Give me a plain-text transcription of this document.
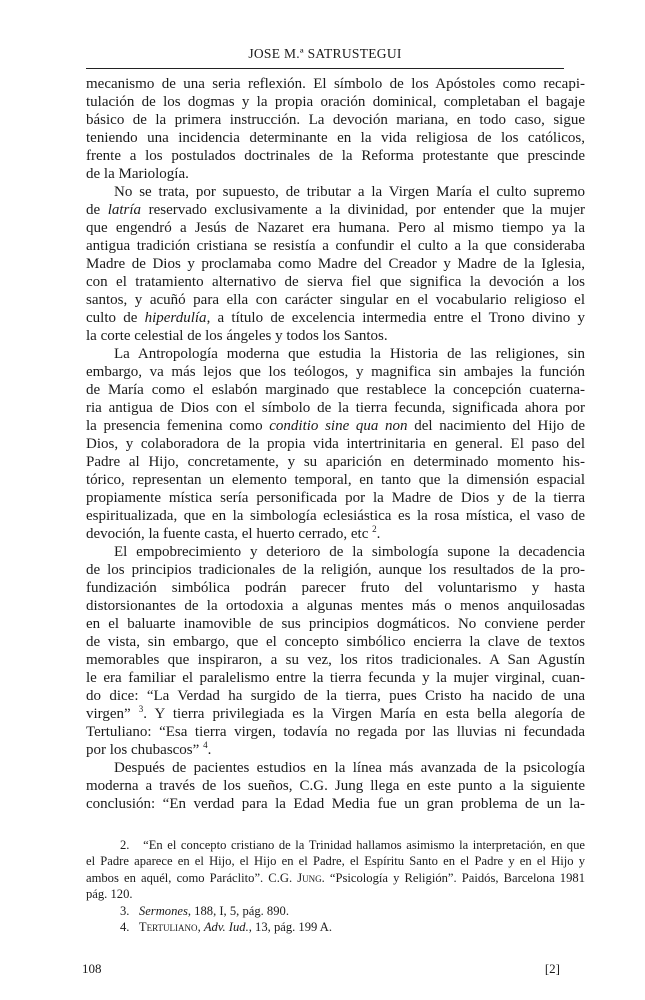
JOSE M.ª SATRUSTEGUI
mecanismo de una seria reflexión. El símbolo de los Apóstoles como recapi-
tulación de los dogmas y la propia oración dominical, completaban el bagaje
básico de la primera instrucción. La devoción mariana, en todo caso, sigue
teniendo una incidencia determinante en la vida religiosa de los católicos,
frente a los postulados doctrinales de la Reforma protestante que prescinde
de la Mariología.
No se trata, por supuesto, de tributar a la Virgen María el culto supremo
de latría reservado exclusivamente a la divinidad, por entender que la mujer
que engendró a Jesús de Nazaret era humana. Pero al mismo tiempo ya la
antigua tradición cristiana se resistía a confundir el culto a la que consideraba
Madre de Dios y proclamaba como Madre del Creador y Madre de la Iglesia,
con el tratamiento alternativo de sierva fiel que significa la devoción a los
santos, y acuñó para ella con carácter singular en el vocabulario religioso el
culto de hiperdulía, a título de excelencia intermedia entre el Trono divino y
la corte celestial de los ángeles y todos los Santos.
La Antropología moderna que estudia la Historia de las religiones, sin
embargo, va más lejos que los teólogos, y magnifica sin ambajes la función
de María como el eslabón marginado que restablece la concepción cuaterna-
ria antigua de Dios con el símbolo de la tierra fecunda, significada ahora por
la presencia femenina como conditio sine qua non del nacimiento del Hijo de
Dios, y colaboradora de la propia vida intertrinitaria en general. El paso del
Padre al Hijo, concretamente, y su aparición en determinado momento his-
tórico, representan un elemento temporal, en tanto que la dimensión espacial
propiamente mística sería personificada por la Madre de Dios y de la tierra
espiritualizada, que en la simbología eclesiástica es la rosa mística, el vaso de
devoción, la fuente casta, el huerto cerrado, etc $^2$.
El empobrecimiento y deterioro de la simbología supone la decadencia
de los principios tradicionales de la religión, aunque los resultados de la pro-
fundización simbólica podrán parecer fruto del voluntarismo y hasta
distorsionantes de la ortodoxia a algunas mentes más o menos anquilosadas
en el baluarte inamovible de sus principios dogmáticos. No conviene perder
de vista, sin embargo, que el concepto simbólico encierra la clave de textos
memorables que inspiraron, a su vez, los ritos tradicionales. A San Agustín
le era familiar el paralelismo entre la tierra fecunda y la mujer virginal, cuan-
do dice: “La Verdad ha surgido de la tierra, pues Cristo ha nacido de una
virgen” $^3$. Y tierra privilegiada es la Virgen María en esta bella alegoría de
Tertuliano: “Esa tierra virgen, todavía no regada por las lluvias ni fecundada
por los chubascos” $^4$.
Después de pacientes estudios en la línea más avanzada de la psicología
moderna a través de los sueños, C.G. Jung llega en este punto a la siguiente
conclusión: “En verdad para la Edad Media fue un gran problema de un la-
2. “En el concepto cristiano de la Trinidad hallamos asimismo la interpretación, en que
el Padre aparece en el Hijo, el Hijo en el Padre, el Espíritu Santo en el Padre y en el Hijo y
ambos en aquél, como Paráclito”. C.G. Jung. “Psicología y Religión”. Paidós, Barcelona 1981
pág. 120.
3. Sermones, 188, I, 5, pág. 890.
4. Tertuliano, Adv. Iud., 13, pág. 199 A.
108	[2]
